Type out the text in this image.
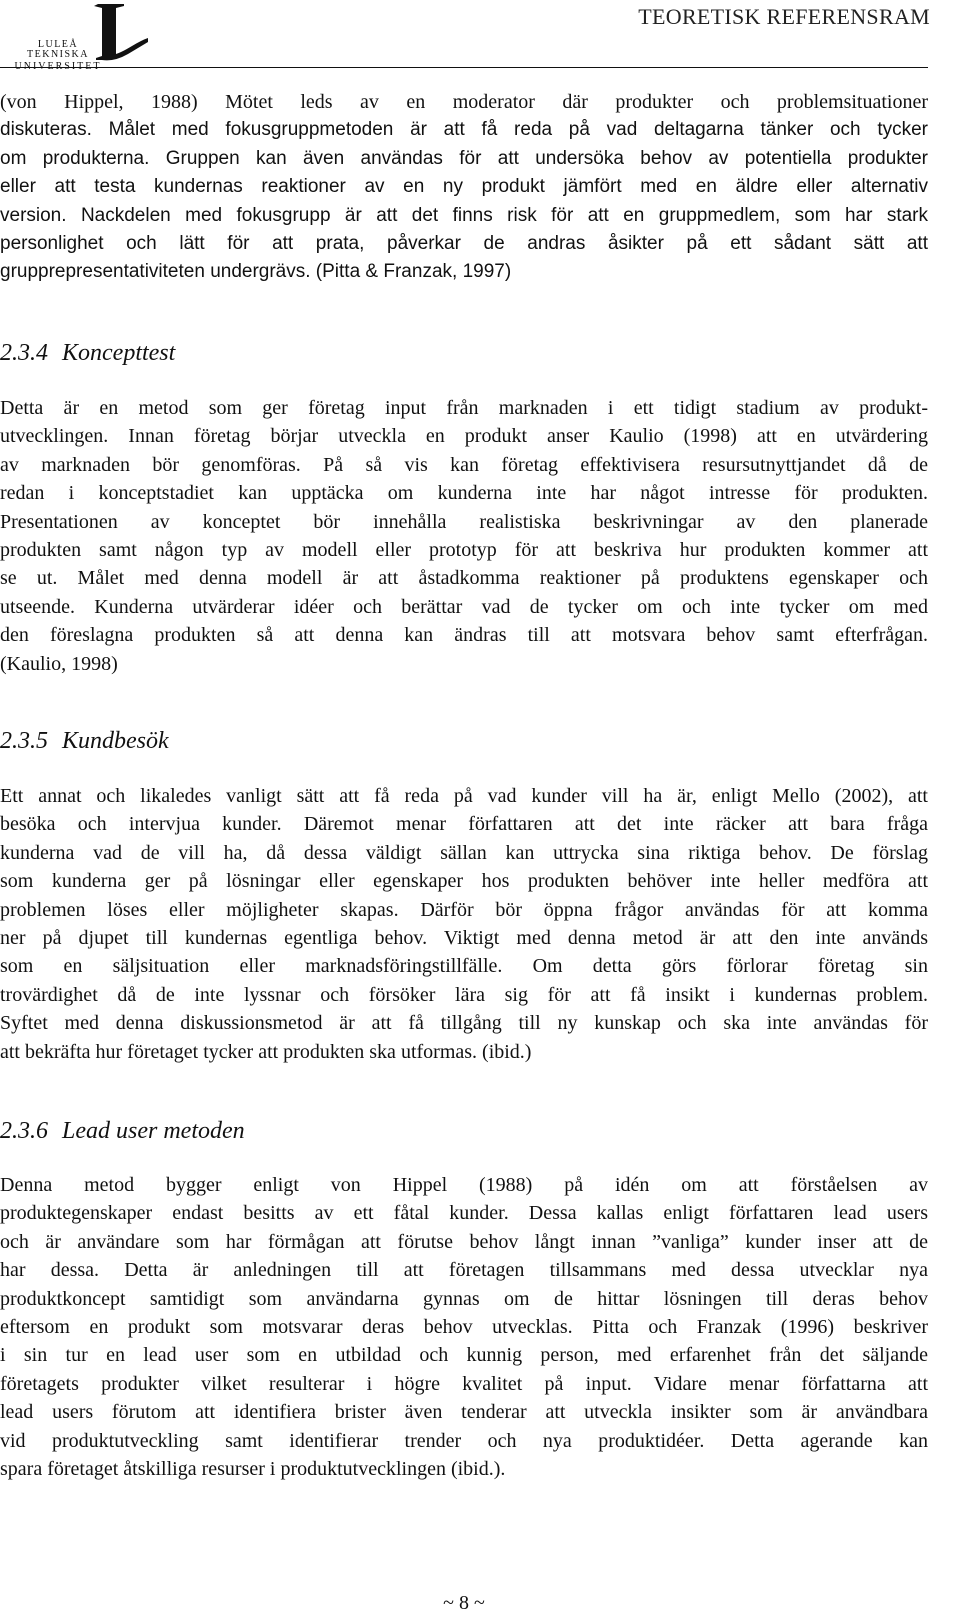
LULEÅ
TEKNISKA
UNIVERSITET
TEORETISK REFERENSRAM
(von Hippel, 1988) Mötet leds av en moderator där produkter och problemsituationer
diskuteras. Målet med fokusgruppmetoden är att få reda på vad deltagarna tänker och tycker
om produkterna. Gruppen kan även användas för att undersöka behov av potentiella produkter
eller att testa kundernas reaktioner av en ny produkt jämfört med en äldre eller alternativ
version. Nackdelen med fokusgrupp är att det finns risk för att en gruppmedlem, som har stark
personlighet och lätt för att prata, påverkar de andras åsikter på ett sådant sätt att
grupprepresentativiteten undergrävs. (Pitta & Franzak, 1997)
2.3.4 Koncepttest
Detta är en metod som ger företag input från marknaden i ett tidigt stadium av produkt-
utvecklingen. Innan företag börjar utveckla en produkt anser Kaulio (1998) att en utvärdering
av marknaden bör genomföras. På så vis kan företag effektivisera resursutnyttjandet då de
redan i konceptstadiet kan upptäcka om kunderna inte har något intresse för produkten.
Presentationen av konceptet bör innehålla realistiska beskrivningar av den planerade
produkten samt någon typ av modell eller prototyp för att beskriva hur produkten kommer att
se ut. Målet med denna modell är att åstadkomma reaktioner på produktens egenskaper och
utseende. Kunderna utvärderar idéer och berättar vad de tycker om och inte tycker om med
den föreslagna produkten så att denna kan ändras till att motsvara behov samt efterfrågan.
(Kaulio, 1998)
2.3.5 Kundbesök
Ett annat och likaledes vanligt sätt att få reda på vad kunder vill ha är, enligt Mello (2002), att
besöka och intervjua kunder. Däremot menar författaren att det inte räcker att bara fråga
kunderna vad de vill ha, då dessa väldigt sällan kan uttrycka sina riktiga behov. De förslag
som kunderna ger på lösningar eller egenskaper hos produkten behöver inte heller medföra att
problemen löses eller möjligheter skapas. Därför bör öppna frågor användas för att komma
ner på djupet till kundernas egentliga behov. Viktigt med denna metod är att den inte används
som en säljsituation eller marknadsföringstillfälle. Om detta görs förlorar företag sin
trovärdighet då de inte lyssnar och försöker lära sig för att få insikt i kundernas problem.
Syftet med denna diskussionsmetod är att få tillgång till ny kunskap och ska inte användas för
att bekräfta hur företaget tycker att produkten ska utformas. (ibid.)
2.3.6 Lead user metoden
Denna metod bygger enligt von Hippel (1988) på idén om att förståelsen av
produktegenskaper endast besitts av ett fåtal kunder. Dessa kallas enligt författaren lead users
och är användare som har förmågan att förutse behov långt innan ”vanliga” kunder inser att de
har dessa. Detta är anledningen till att företagen tillsammans med dessa utvecklar nya
produktkoncept samtidigt som användarna gynnas om de hittar lösningen till deras behov
eftersom en produkt som motsvarar deras behov utvecklas. Pitta och Franzak (1996) beskriver
i sin tur en lead user som en utbildad och kunnig person, med erfarenhet från det säljande
företagets produkter vilket resulterar i högre kvalitet på input. Vidare menar författarna att
lead users förutom att identifiera brister även tenderar att utveckla insikter som är användbara
vid produktutveckling samt identifierar trender och nya produktidéer. Detta agerande kan
spara företaget åtskilliga resurser i produktutvecklingen (ibid.).
~ 8 ~
